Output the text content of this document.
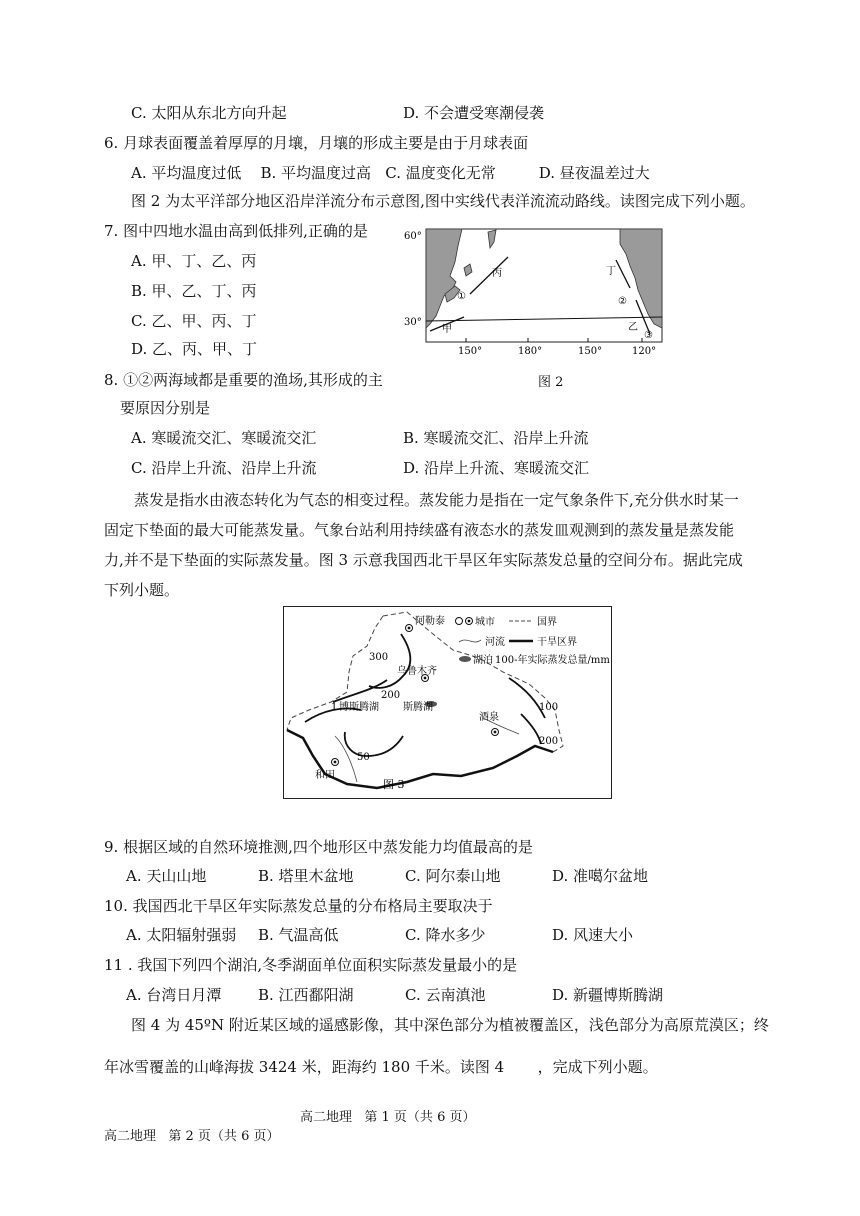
C. 太阳从东北方向升起	D. 不会遭受寒潮侵袭
6. 月球表面覆盖着厚厚的月壤，月壤的形成主要是由于月球表面
A. 平均温度过低    B. 平均温度过高   C. 温度变化无常         D. 昼夜温差过大
图 2 为太平洋部分地区沿岸洋流分布示意图,图中实线代表洋流流动路线。读图完成下列小题。
7. 图中四地水温由高到低排列,正确的是
A. 甲、丁、乙、丙
B. 甲、乙、丁、丙
C. 乙、甲、丙、丁
D. 乙、丙、甲、丁
60°
30°
150°	180°	150°	120°
丙	丁
甲	乙
①	②
③
8. ①②两海域都是重要的渔场,其形成的主	图 2
要原因分别是
A. 寒暖流交汇、寒暖流交汇	B. 寒暖流交汇、沿岸上升流
C. 沿岸上升流、沿岸上升流	D. 沿岸上升流、寒暖流交汇
蒸发是指水由液态转化为气态的相变过程。蒸发能力是指在一定气象条件下,充分供水时某一固定下垫面的最大可能蒸发量。气象台站利用持续盛有液态水的蒸发皿观测到的蒸发量是蒸发能力,并不是下垫面的实际蒸发量。图 3 示意我国西北干旱区年实际蒸发总量的空间分布。据此完成下列小题。
城市	国界
河流	干旱区界
湖泊 100-年实际蒸发总量/mm
阿勒泰
乌鲁木齐
博斯腾湖 斯腾湖
酒泉
和田
300
200
100
200
50
1
图 3
9. 根据区域的自然环境推测,四个地形区中蒸发能力均值最高的是
A. 天山山地	B. 塔里木盆地	C. 阿尔泰山地	D. 准噶尔盆地
10. 我国西北干旱区年实际蒸发总量的分布格局主要取决于
A. 太阳辐射强弱 B. 气温高低	C. 降水多少	D. 风速大小
11 . 我国下列四个湖泊,冬季湖面单位面积实际蒸发量最小的是
A. 台湾日月潭 B. 江西鄱阳湖	C. 云南滇池	D. 新疆博斯腾湖
图 4 为 45ºN 附近某区域的遥感影像，其中深色部分为植被覆盖区，浅色部分为高原荒漠区；终
年冰雪覆盖的山峰海拔 3424 米，距海约 180 千米。读图 4       ，完成下列小题。
高二地理   第 1 页（共 6 页）
高二地理   第 2 页（共 6 页）
